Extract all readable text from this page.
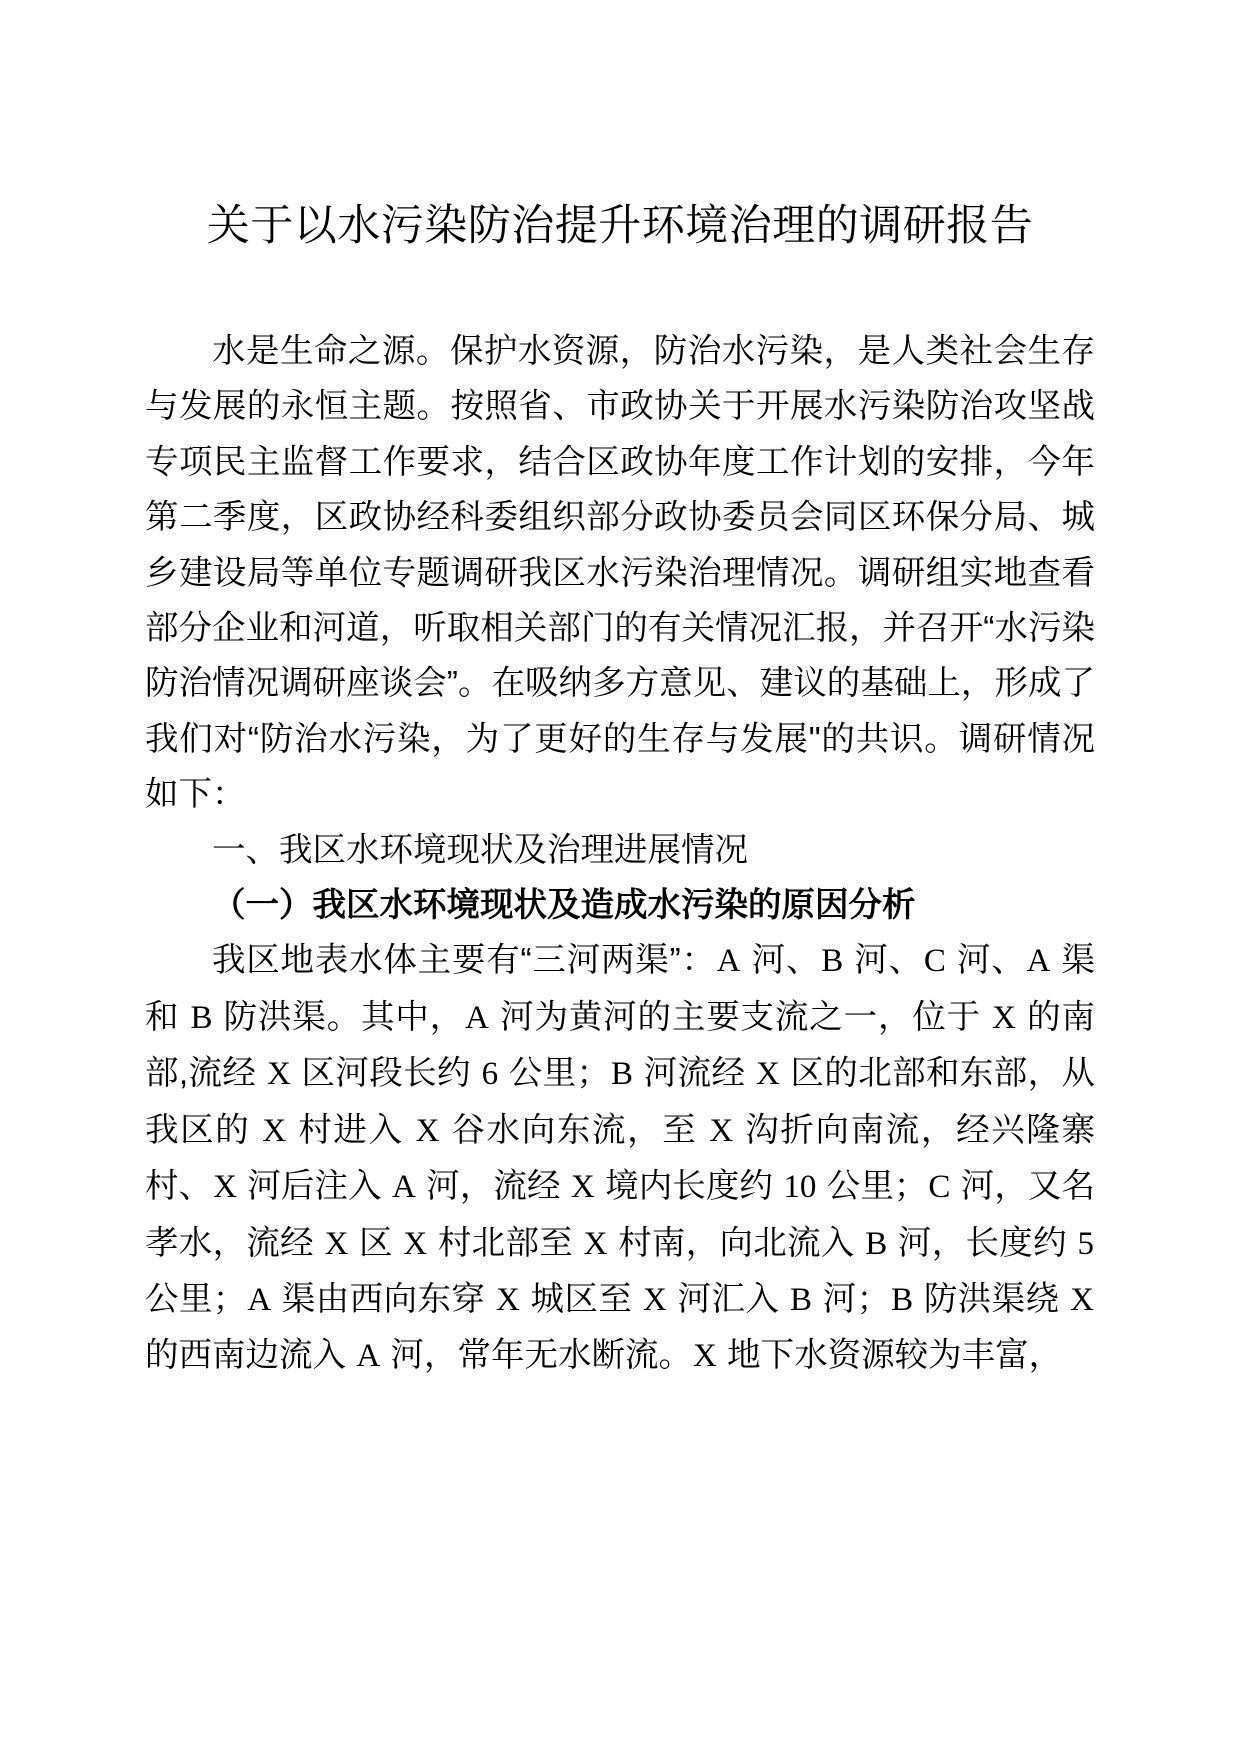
关于以水污染防治提升环境治理的调研报告

水是生命之源。保护水资源，防治水污染，是人类社会生存与发展的永恒主题。按照省、市政协关于开展水污染防治攻坚战专项民主监督工作要求，结合区政协年度工作计划的安排，今年第二季度，区政协经科委组织部分政协委员会同区环保分局、城乡建设局等单位专题调研我区水污染治理情况。调研组实地查看部分企业和河道，听取相关部门的有关情况汇报，并召开“水污染防治情况调研座谈会”。在吸纳多方意见、建议的基础上，形成了我们对“防治水污染，为了更好的生存与发展"的共识。调研情况如下：

一、我区水环境现状及治理进展情况

（一）我区水环境现状及造成水污染的原因分析

我区地表水体主要有“三河两渠”：A 河、B 河、C 河、A 渠和 B 防洪渠。其中，A 河为黄河的主要支流之一，位于 X 的南部,流经 X 区河段长约 6 公里；B 河流经 X 区的北部和东部，从我区的 X 村进入 X 谷水向东流，至 X 沟折向南流，经兴隆寨村、X 河后注入 A 河，流经 X 境内长度约 10 公里；C 河，又名孝水，流经 X 区 X 村北部至 X 村南，向北流入 B 河，长度约 5 公里；A 渠由西向东穿 X 城区至 X 河汇入 B 河；B 防洪渠绕 X 的西南边流入 A 河，常年无水断流。X 地下水资源较为丰富，
